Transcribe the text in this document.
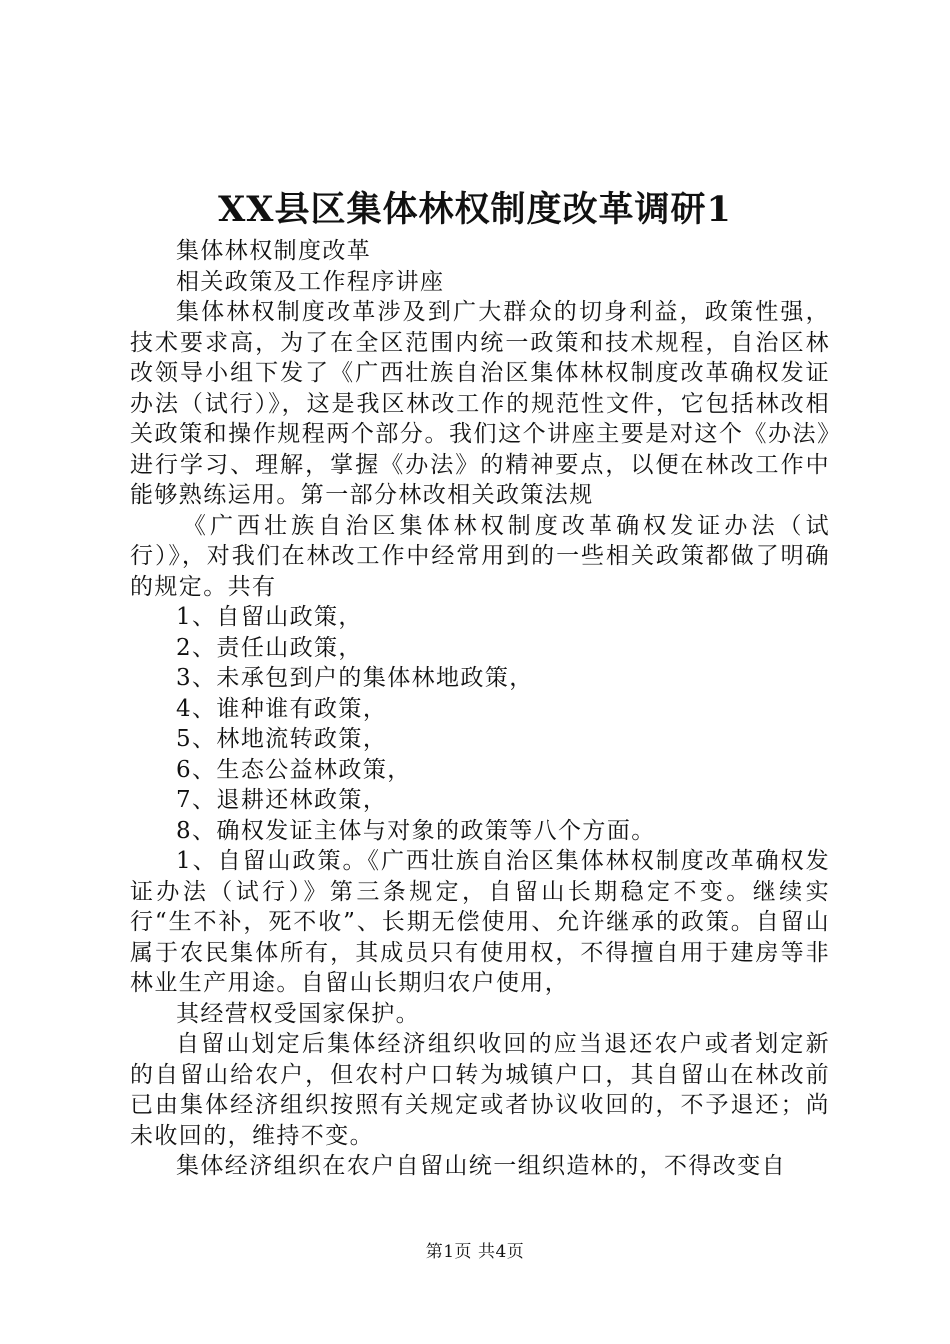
XX县区集体林权制度改革调研1

集体林权制度改革

相关政策及工作程序讲座

集体林权制度改革涉及到广大群众的切身利益，政策性强，技术要求高，为了在全区范围内统一政策和技术规程，自治区林改领导小组下发了《广西壮族自治区集体林权制度改革确权发证办法（试行）》，这是我区林改工作的规范性文件，它包括林改相关政策和操作规程两个部分。我们这个讲座主要是对这个《办法》进行学习、理解，掌握《办法》的精神要点，以便在林改工作中能够熟练运用。第一部分林改相关政策法规

《广西壮族自治区集体林权制度改革确权发证办法（试行）》，对我们在林改工作中经常用到的一些相关政策都做了明确的规定。共有

1、自留山政策，

2、责任山政策，

3、未承包到户的集体林地政策，

4、谁种谁有政策，

5、林地流转政策，

6、生态公益林政策，

7、退耕还林政策，

8、确权发证主体与对象的政策等八个方面。

1、自留山政策。《广西壮族自治区集体林权制度改革确权发证办法（试行）》第三条规定，自留山长期稳定不变。继续实行“生不补，死不收”、长期无偿使用、允许继承的政策。自留山属于农民集体所有，其成员只有使用权，不得擅自用于建房等非林业生产用途。自留山长期归农户使用，

其经营权受国家保护。

自留山划定后集体经济组织收回的应当退还农户或者划定新的自留山给农户，但农村户口转为城镇户口，其自留山在林改前已由集体经济组织按照有关规定或者协议收回的，不予退还；尚未收回的，维持不变。

集体经济组织在农户自留山统一组织造林的，不得改变自

第1页 共4页
